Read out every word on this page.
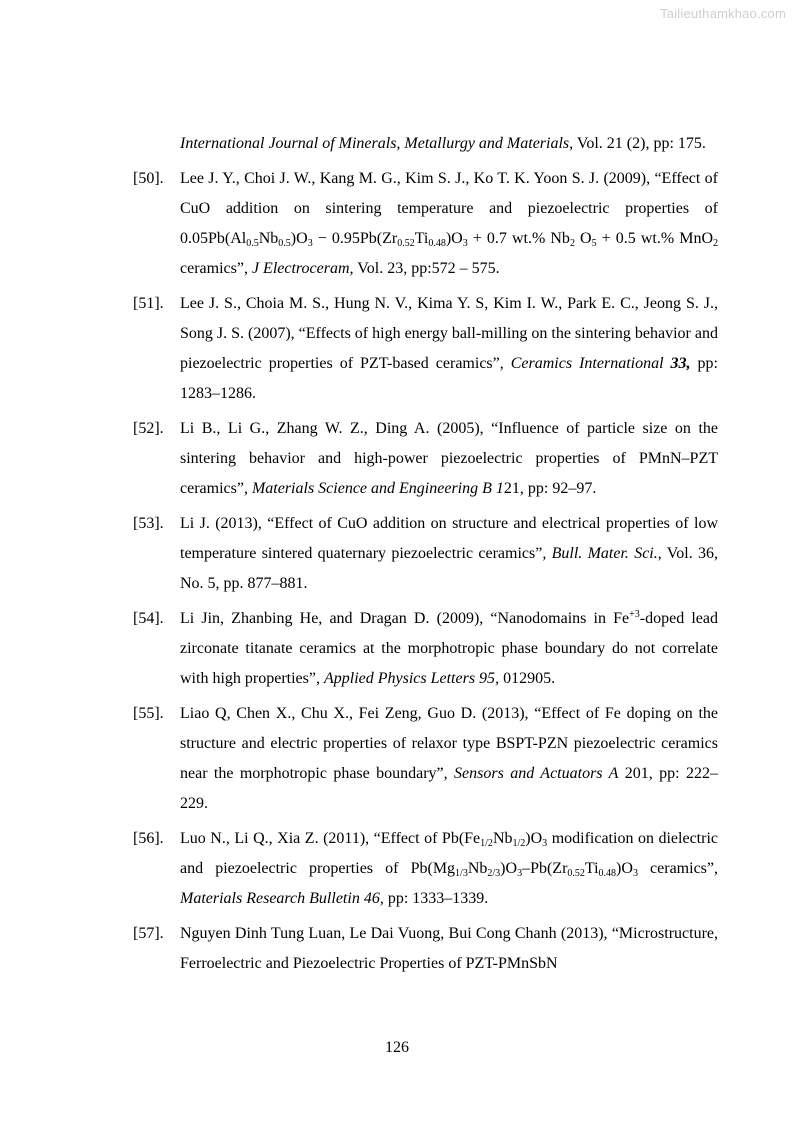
Tailieuthamkhao.com

International Journal of Minerals, Metallurgy and Materials, Vol. 21 (2), pp: 175.

[50]. Lee J. Y., Choi J. W., Kang M. G., Kim S. J., Ko T. K. Yoon S. J. (2009), “Effect of CuO addition on sintering temperature and piezoelectric properties of $0.05Pb(Al_{0.5}Nb_{0.5})O_3 - 0.95Pb(Zr_{0.52}Ti_{0.48})O_3 + 0.7$ wt.% $Nb_2$ $O_5 + 0.5$ wt.% MnO$_2$ ceramics”, J Electroceram, Vol. 23, pp:572 – 575.

[51]. Lee J. S., Choia M. S., Hung N. V., Kima Y. S, Kim I. W., Park E. C., Jeong S. J., Song J. S. (2007), “Effects of high energy ball-milling on the sintering behavior and piezoelectric properties of PZT-based ceramics”, Ceramics International 33, pp: 1283–1286.

[52]. Li B., Li G., Zhang W. Z., Ding A. (2005), “Influence of particle size on the sintering behavior and high-power piezoelectric properties of PMnN–PZT ceramics”, Materials Science and Engineering B 121, pp: 92–97.

[53]. Li J. (2013), “Effect of CuO addition on structure and electrical properties of low temperature sintered quaternary piezoelectric ceramics”, Bull. Mater. Sci., Vol. 36, No. 5, pp. 877–881.

[54]. Li Jin, Zhanbing He, and Dragan D. (2009), “Nanodomains in $Fe^{+3}$-doped lead zirconate titanate ceramics at the morphotropic phase boundary do not correlate with high properties”, Applied Physics Letters 95, 012905.

[55]. Liao Q, Chen X., Chu X., Fei Zeng, Guo D. (2013), “Effect of Fe doping on the structure and electric properties of relaxor type BSPT-PZN piezoelectric ceramics near the morphotropic phase boundary”, Sensors and Actuators A 201, pp: 222–229.

[56]. Luo N., Li Q., Xia Z. (2011), “Effect of $Pb(Fe_{1/2}Nb_{1/2})O_3$ modification on dielectric and piezoelectric properties of $Pb(Mg_{1/3}Nb_{2/3})O_3-Pb(Zr_{0.52}Ti_{0.48})O_3$ ceramics”, Materials Research Bulletin 46, pp: 1333–1339.

[57]. Nguyen Dinh Tung Luan, Le Dai Vuong, Bui Cong Chanh (2013), “Microstructure, Ferroelectric and Piezoelectric Properties of PZT-PMnSbN

126
